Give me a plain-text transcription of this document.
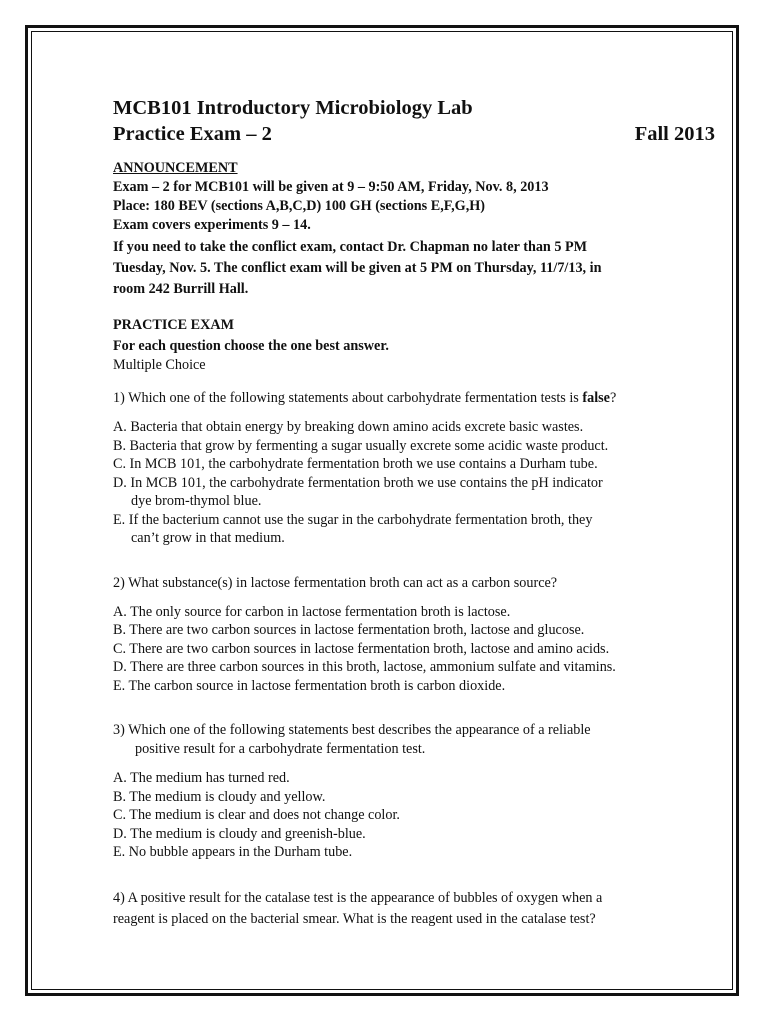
MCB101 Introductory Microbiology Lab
Practice Exam – 2	Fall 2013
ANNOUNCEMENT
Exam – 2 for MCB101 will be given at 9 – 9:50 AM, Friday, Nov. 8, 2013
Place: 180 BEV (sections A,B,C,D) 100 GH (sections E,F,G,H)
Exam covers experiments 9 – 14.
If you need to take the conflict exam, contact Dr. Chapman no later than 5 PM
Tuesday, Nov. 5. The conflict exam will be given at 5 PM on Thursday, 11/7/13, in
room 242 Burrill Hall.
PRACTICE EXAM
For each question choose the one best answer.
Multiple Choice
1) Which one of the following statements about carbohydrate fermentation tests is false?
A. Bacteria that obtain energy by breaking down amino acids excrete basic wastes.
B. Bacteria that grow by fermenting a sugar usually excrete some acidic waste product.
C. In MCB 101, the carbohydrate fermentation broth we use contains a Durham tube.
D. In MCB 101, the carbohydrate fermentation broth we use contains the pH indicator
dye brom-thymol blue.
E. If the bacterium cannot use the sugar in the carbohydrate fermentation broth, they
can’t grow in that medium.
2) What substance(s) in lactose fermentation broth can act as a carbon source?
A. The only source for carbon in lactose fermentation broth is lactose.
B. There are two carbon sources in lactose fermentation broth, lactose and glucose.
C. There are two carbon sources in lactose fermentation broth, lactose and amino acids.
D. There are three carbon sources in this broth, lactose, ammonium sulfate and vitamins.
E. The carbon source in lactose fermentation broth is carbon dioxide.
3) Which one of the following statements best describes the appearance of a reliable
positive result for a carbohydrate fermentation test.
A. The medium has turned red.
B. The medium is cloudy and yellow.
C. The medium is clear and does not change color.
D. The medium is cloudy and greenish-blue.
E. No bubble appears in the Durham tube.
4) A positive result for the catalase test is the appearance of bubbles of oxygen when a
reagent is placed on the bacterial smear. What is the reagent used in the catalase test?
